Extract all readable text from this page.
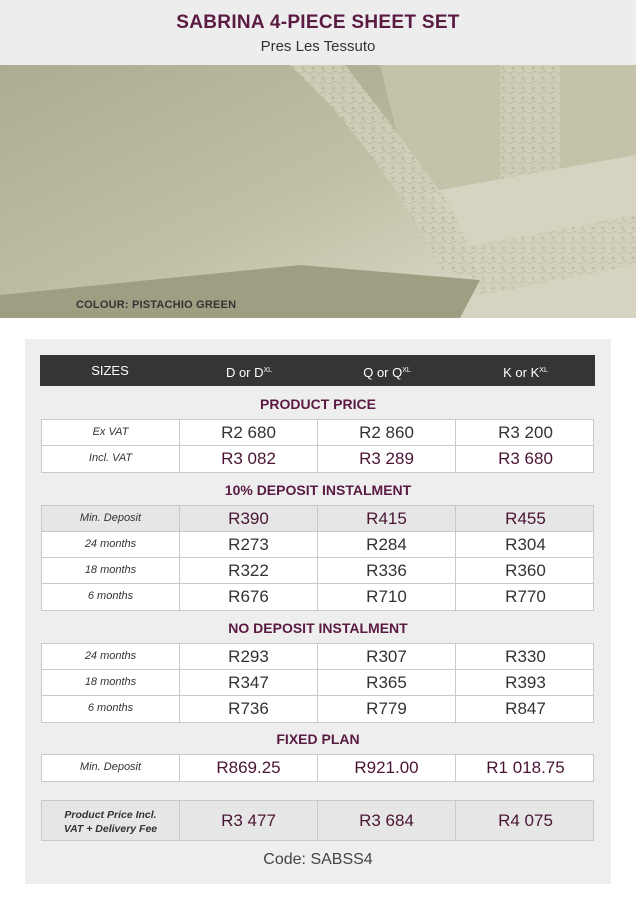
SABRINA 4-PIECE SHEET SET
Pres Les Tessuto
COLOUR: PISTACHIO GREEN
SIZES	D or $D^{XL}$	Q or $Q^{XL}$	K or $K^{XL}$
PRODUCT PRICE
Ex VAT	R2 680	R2 860	R3 200
Incl. VAT	R3 082	R3 289	R3 680
10% DEPOSIT INSTALMENT
Min. Deposit	R390	R415	R455
24 months	R273	R284	R304
18 months	R322	R336	R360
6 months	R676	R710	R770
NO DEPOSIT INSTALMENT
24 months	R293	R307	R330
18 months	R347	R365	R393
6 months	R736	R779	R847
FIXED PLAN
Min. Deposit	R869.25	R921.00	R1 018.75
Product Price Incl.
VAT + Delivery Fee	R3 477	R3 684	R4 075
Code: SABSS4
